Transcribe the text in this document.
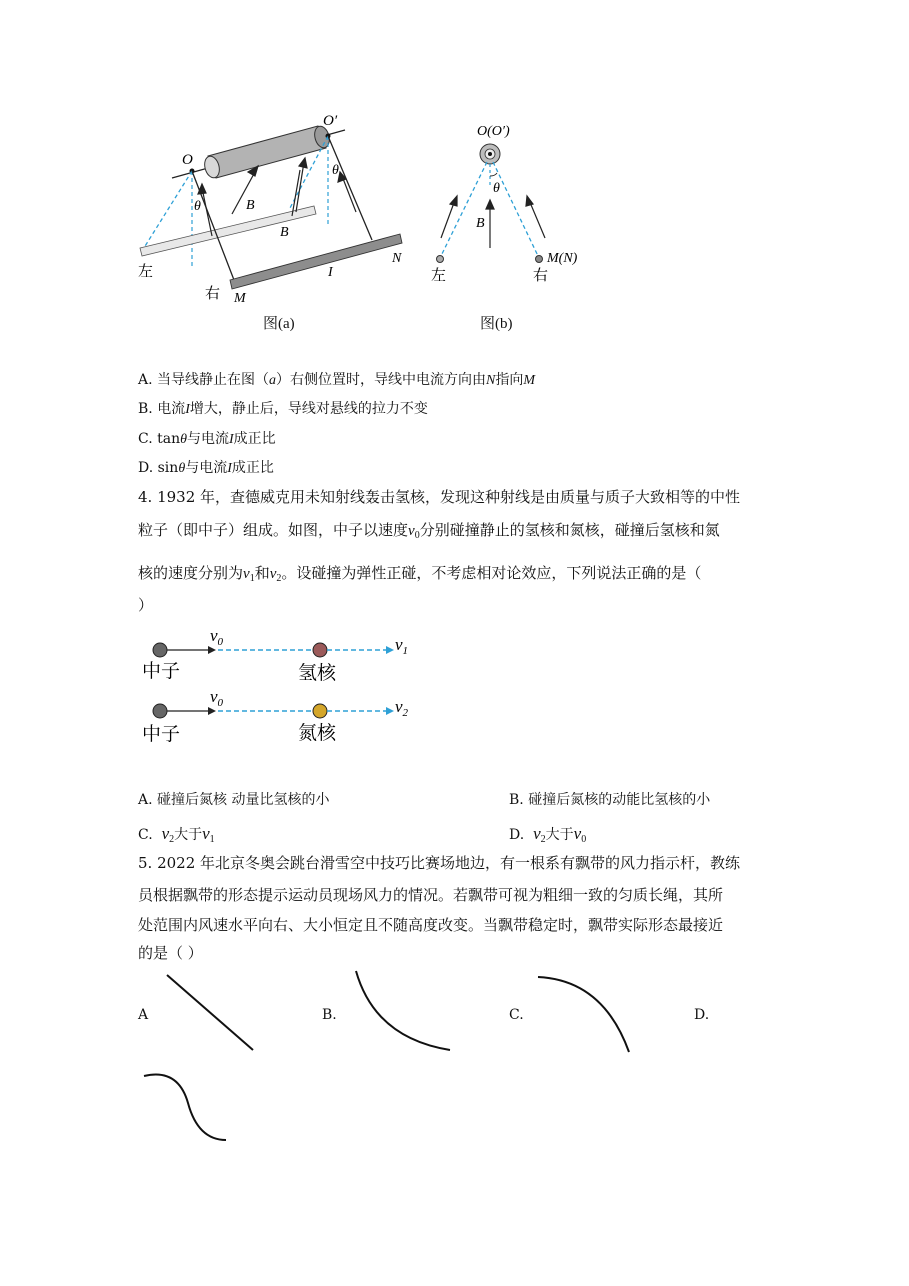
O
O′
θ
θ
B
B
左
右 M
I
N
图(a)
O(O′)
θ
B
左	右
M(N)
图(b)
A. 当导线静止在图（a）右侧位置时，导线中电流方向由N指向M
B. 电流I增大，静止后，导线对悬线的拉力不变
C. tanθ与电流I成正比
D. sinθ与电流I成正比
4. 1932 年，查德威克用未知射线轰击氢核，发现这种射线是由质量与质子大致相等的中性
粒子（即中子）组成。如图，中子以速度$v_0$分别碰撞静止的氢核和氮核，碰撞后氢核和氮
核的速度分别为$v_1$和$v_2$。设碰撞为弹性正碰，不考虑相对论效应，下列说法正确的是（
）
$v_0$	$v_1$
中子	氢核
$v_0$	$v_2$
中子	氮核
A. 碰撞后氮核 动量比氢核的小	B. 碰撞后氮核的动能比氢核的小
C. $v_2$大于$v_1$	D. $v_2$大于$v_0$
5. 2022 年北京冬奥会跳台滑雪空中技巧比赛场地边，有一根系有飘带的风力指示杆，教练
员根据飘带的形态提示运动员现场风力的情况。若飘带可视为粗细一致的匀质长绳，其所
处范围内风速水平向右、大小恒定且不随高度改变。当飘带稳定时，飘带实际形态最接近
的是（ ）
A	B.	C.	D.
